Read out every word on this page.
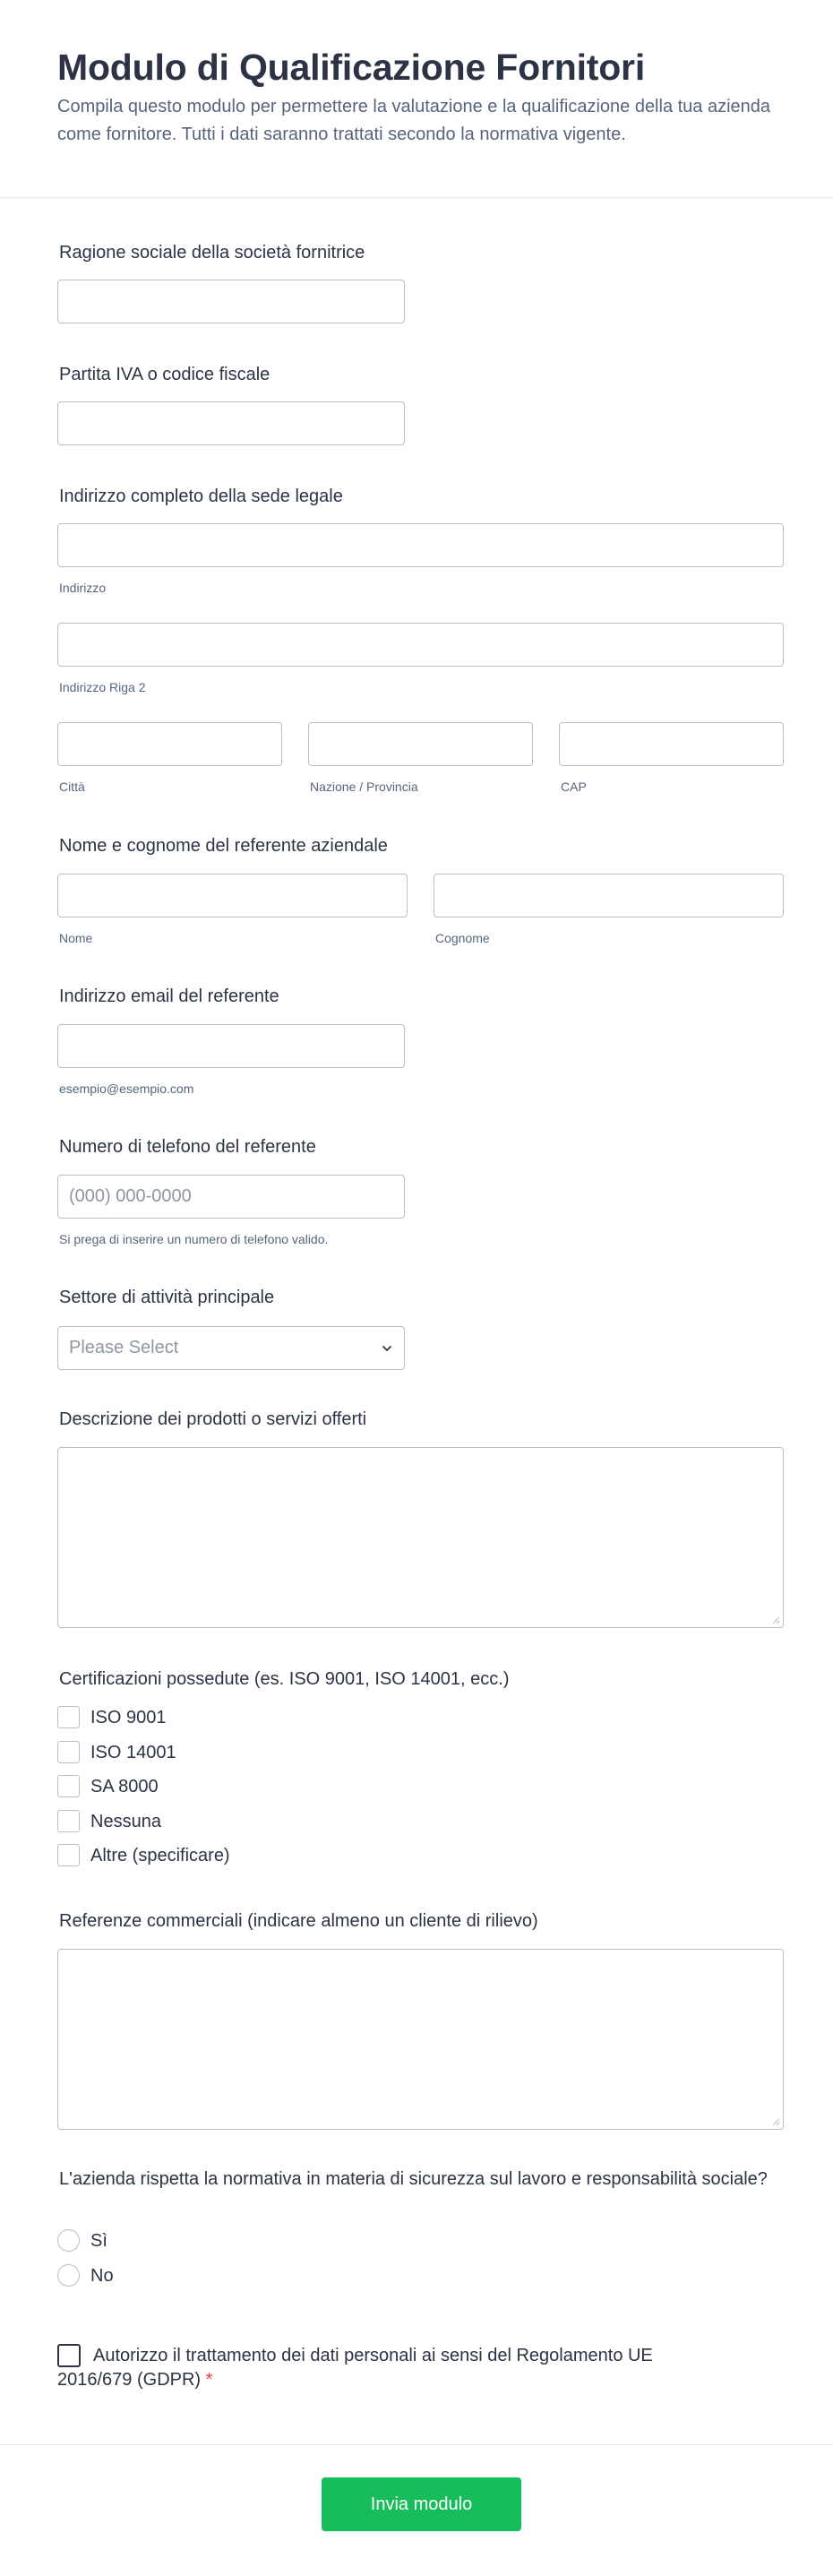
Modulo di Qualificazione Fornitori

Compila questo modulo per permettere la valutazione e la qualificazione della tua azienda come fornitore. Tutti i dati saranno trattati secondo la normativa vigente.

Ragione sociale della società fornitrice
Partita IVA o codice fiscale
Indirizzo completo della sede legale
Indirizzo
Indirizzo Riga 2
Città	Nazione / Provincia	CAP
Nome e cognome del referente aziendale
Nome	Cognome
Indirizzo email del referente
esempio@esempio.com
Numero di telefono del referente
(000) 000-0000
Si prega di inserire un numero di telefono valido.
Settore di attività principale
Please Select
Descrizione dei prodotti o servizi offerti
Certificazioni possedute (es. ISO 9001, ISO 14001, ecc.)
ISO 9001
ISO 14001
SA 8000
Nessuna
Altre (specificare)
Referenze commerciali (indicare almeno un cliente di rilievo)
L'azienda rispetta la normativa in materia di sicurezza sul lavoro e responsabilità sociale?
Sì
No
Autorizzo il trattamento dei dati personali ai sensi del Regolamento UE 2016/679 (GDPR) *
Invia modulo
